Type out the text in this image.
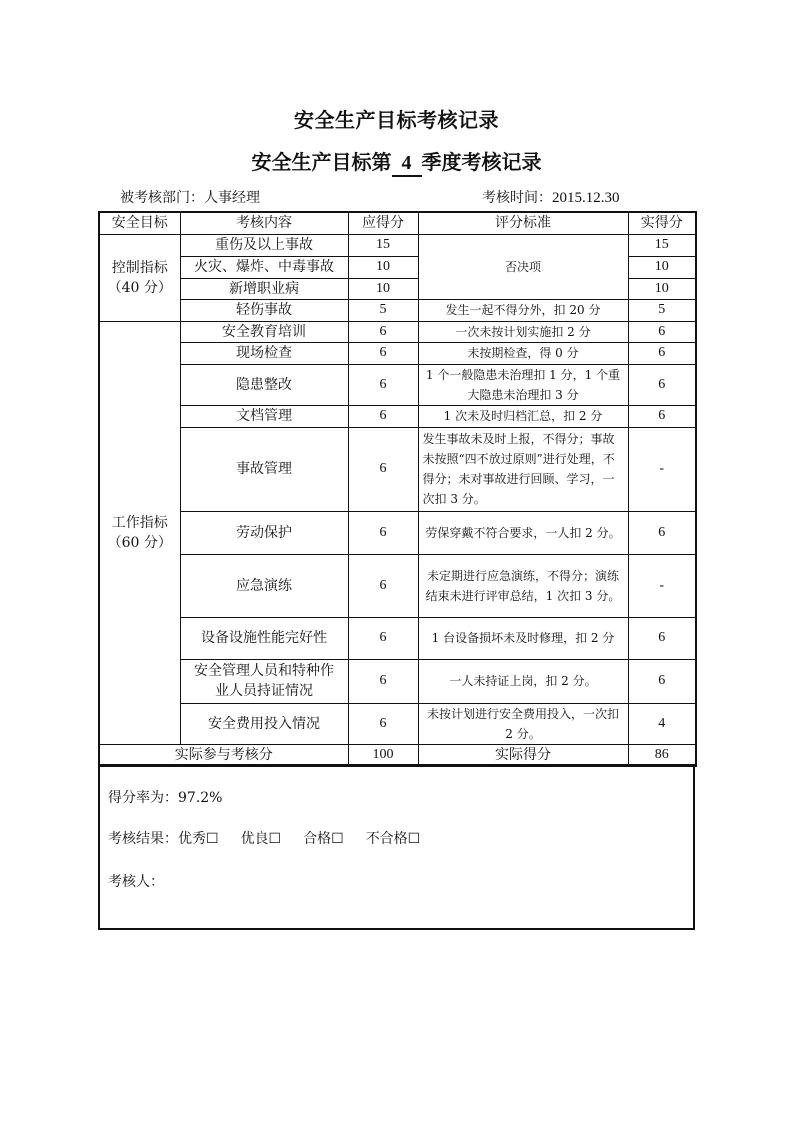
安全生产目标考核记录
安全生产目标第 4 季度考核记录
被考核部门：人事经理	考核时间：2015.12.30
安全目标	考核内容	应得分	评分标准	实得分

控制指标
（40 分）	重伤及以上事故	15	否决项	15
	火灾、爆炸、中毒事故	10		10
	新增职业病	10		10
	轻伤事故	5	发生一起不得分外，扣 20 分	5

工作指标
（60 分）	安全教育培训	6	一次未按计划实施扣 2 分	6
	现场检查	6	未按期检查，得 0 分	6
	隐患整改	6	1 个一般隐患未治理扣 1 分，1 个重大隐患未治理扣 3 分	6
	文档管理	6	1 次未及时归档汇总，扣 2 分	6
	事故管理	6	发生事故未及时上报，不得分；事故未按照“四不放过原则”进行处理，不得分；未对事故进行回顾、学习，一次扣 3 分。	-
	劳动保护	6	劳保穿戴不符合要求，一人扣 2 分。	6
	应急演练	6	未定期进行应急演练，不得分；演练结束未进行评审总结，1 次扣 3 分。	-
	设备设施性能完好性	6	1 台设备损坏未及时修理，扣 2 分	6
	安全管理人员和特种作业人员持证情况	6	一人未持证上岗，扣 2 分。	6
	安全费用投入情况	6	未按计划进行安全费用投入，一次扣 2 分。	4
实际参与考核分		100	实际得分	86
得分率为：97.2%
考核结果：优秀☐ 优良☐ 合格☐ 不合格☐
考核人：
